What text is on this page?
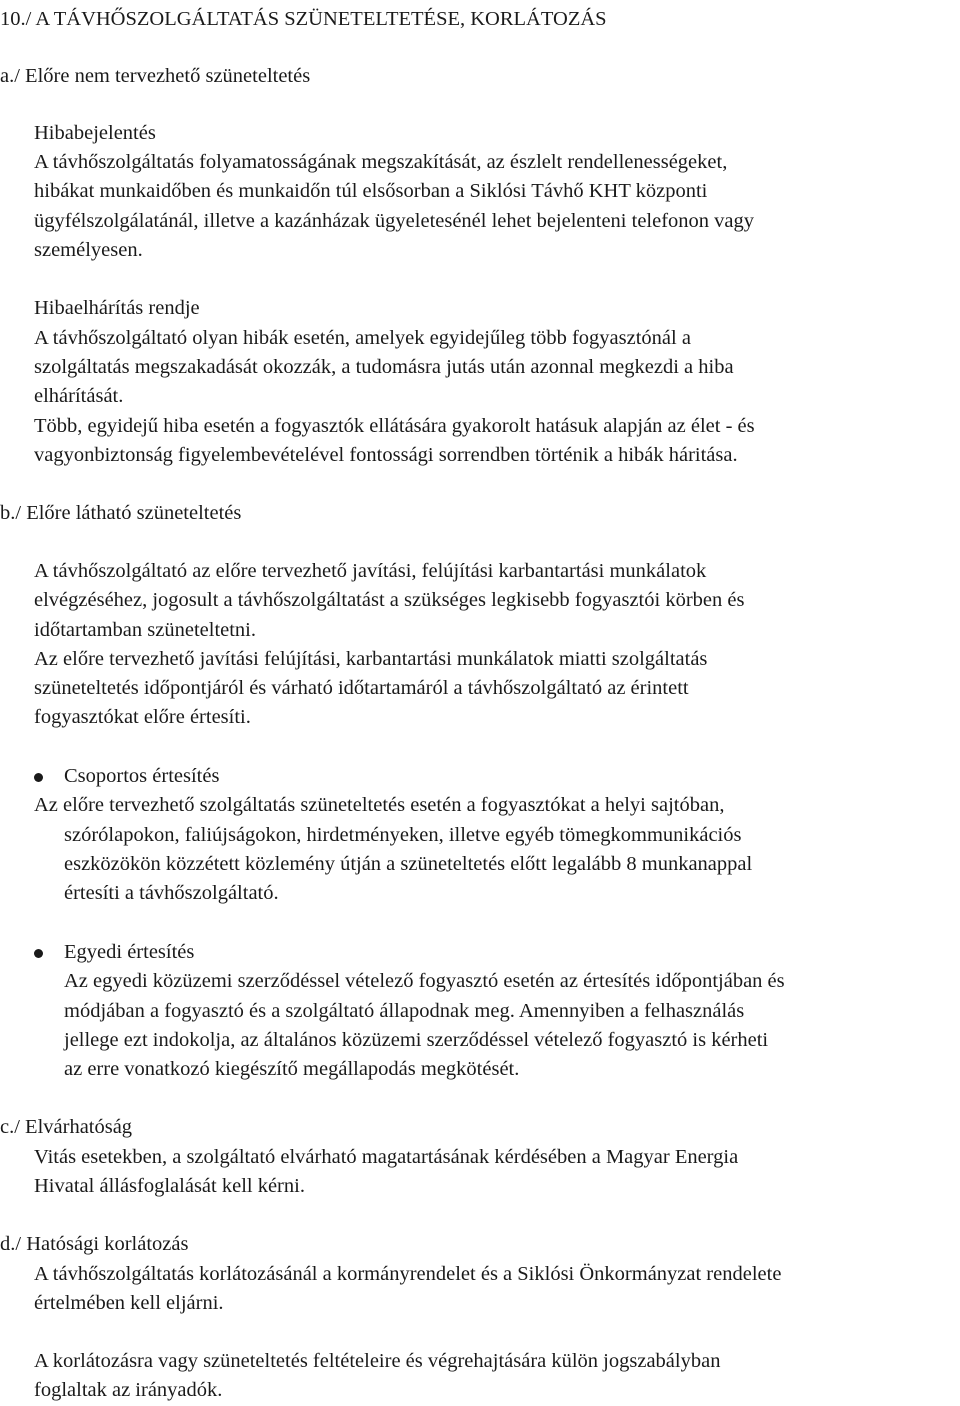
10./ A TÁVHŐSZOLGÁLTATÁS SZÜNETELTETÉSE, KORLÁTOZÁS
a./ Előre nem tervezhető szüneteltetés
Hibabejelentés
A távhőszolgáltatás folyamatosságának megszakítását, az észlelt rendellenességeket,
hibákat munkaidőben és munkaidőn túl elsősorban a Siklósi Távhő KHT központi
ügyfélszolgálatánál, illetve a kazánházak ügyeletesénél lehet bejelenteni telefonon vagy
személyesen.
Hibaelhárítás rendje
A távhőszolgáltató olyan hibák esetén, amelyek egyidejűleg több fogyasztónál a
szolgáltatás megszakadását okozzák, a tudomásra jutás után azonnal megkezdi a hiba
elhárítását.
Több, egyidejű hiba esetén a fogyasztók ellátására gyakorolt hatásuk alapján az élet - és
vagyonbiztonság figyelembevételével fontossági sorrendben történik a hibák háritása.
b./ Előre látható szüneteltetés
A távhőszolgáltató az előre tervezhető javítási, felújítási karbantartási munkálatok
elvégzéséhez, jogosult a távhőszolgáltatást a szükséges legkisebb fogyasztói körben és
időtartamban szüneteltetni.
Az előre tervezhető javítási felújítási, karbantartási munkálatok miatti szolgáltatás
szüneteltetés időpontjáról és várható időtartamáról a távhőszolgáltató az érintett
fogyasztókat előre értesíti.
Csoportos értesítés
Az előre tervezhető szolgáltatás szüneteltetés esetén a fogyasztókat a helyi sajtóban,
szórólapokon, faliújságokon, hirdetményeken, illetve egyéb tömegkommunikációs
eszközökön közzétett közlemény útján a szüneteltetés előtt legalább 8 munkanappal
értesíti a távhőszolgáltató.
Egyedi értesítés
Az egyedi közüzemi szerződéssel vételező fogyasztó esetén az értesítés időpontjában és
módjában a fogyasztó és a szolgáltató állapodnak meg. Amennyiben a felhasználás
jellege ezt indokolja, az általános közüzemi szerződéssel vételező fogyasztó is kérheti
az erre vonatkozó kiegészítő megállapodás megkötését.
c./ Elvárhatóság
Vitás esetekben, a szolgáltató elvárható magatartásának kérdésében a Magyar Energia
Hivatal állásfoglalását kell kérni.
d./ Hatósági korlátozás
A távhőszolgáltatás korlátozásánál a kormányrendelet és a Siklósi Önkormányzat rendelete
értelmében kell eljárni.
A korlátozásra vagy szüneteltetés feltételeire és végrehajtására külön jogszabályban
foglaltak az irányadók.
